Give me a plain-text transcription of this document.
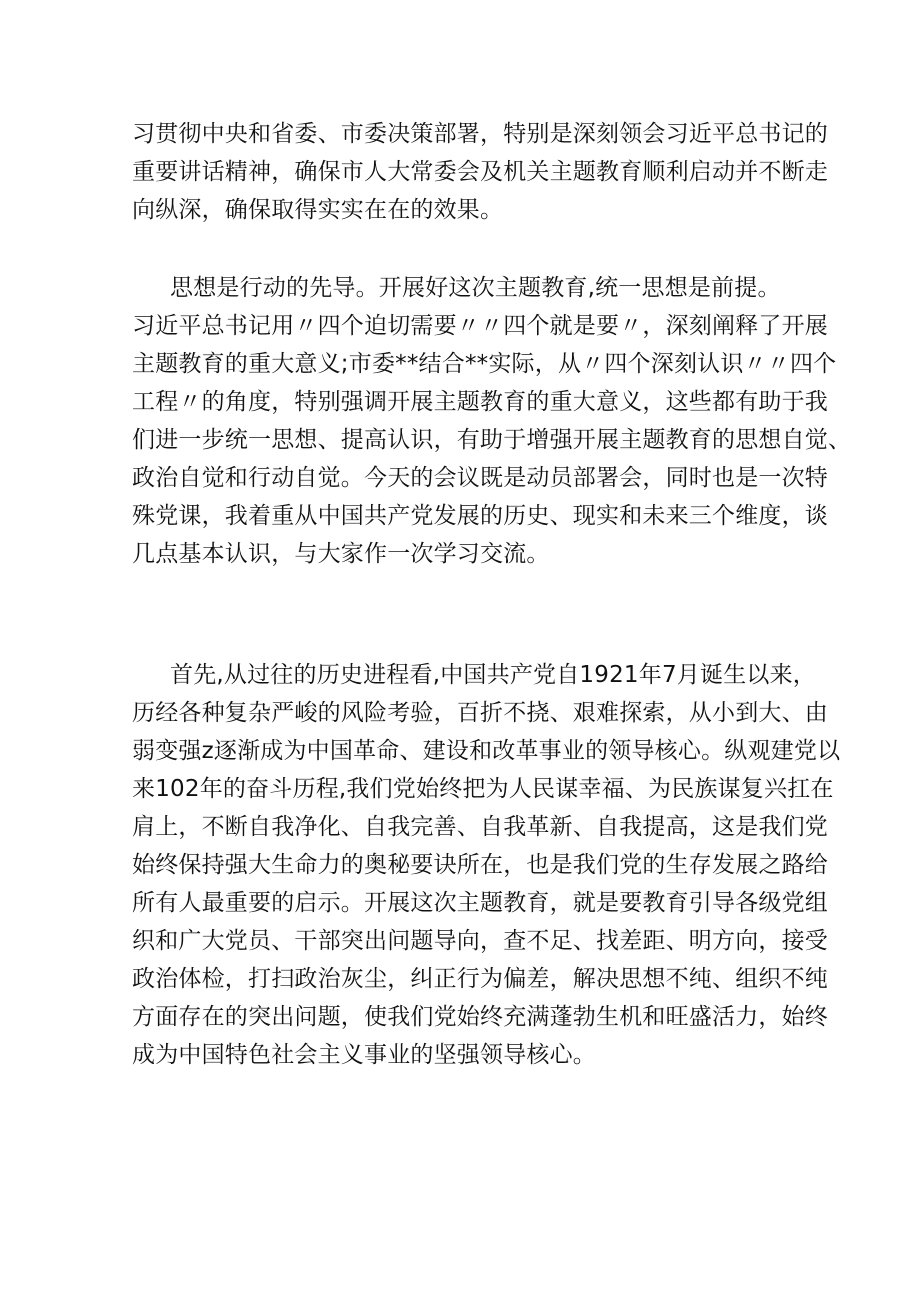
习贯彻中央和省委、市委决策部署，特别是深刻领会习近平总书记的
重要讲话精神，确保市人大常委会及机关主题教育顺利启动并不断走
向纵深，确保取得实实在在的效果。
思想是行动的先导。开展好这次主题教育,统一思想是前提。
习近平总书记用〃四个迫切需要〃〃四个就是要〃，深刻阐释了开展
主题教育的重大意义;市委**结合**实际，从〃四个深刻认识〃〃四个
工程〃的角度，特别强调开展主题教育的重大意义，这些都有助于我
们进一步统一思想、提高认识，有助于增强开展主题教育的思想自觉、
政治自觉和行动自觉。今天的会议既是动员部署会，同时也是一次特
殊党课，我着重从中国共产党发展的历史、现实和未来三个维度，谈
几点基本认识，与大家作一次学习交流。
首先,从过往的历史进程看,中国共产党自1921年7月诞生以来，
历经各种复杂严峻的风险考验，百折不挠、艰难探索，从小到大、由
弱变强z逐渐成为中国革命、建设和改革事业的领导核心。纵观建党以
来102年的奋斗历程,我们党始终把为人民谋幸福、为民族谋复兴扛在
肩上，不断自我净化、自我完善、自我革新、自我提高，这是我们党
始终保持强大生命力的奥秘要诀所在，也是我们党的生存发展之路给
所有人最重要的启示。开展这次主题教育，就是要教育引导各级党组
织和广大党员、干部突出问题导向，查不足、找差距、明方向，接受
政治体检，打扫政治灰尘，纠正行为偏差，解决思想不纯、组织不纯
方面存在的突出问题，使我们党始终充满蓬勃生机和旺盛活力，始终
成为中国特色社会主义事业的坚强领导核心。
